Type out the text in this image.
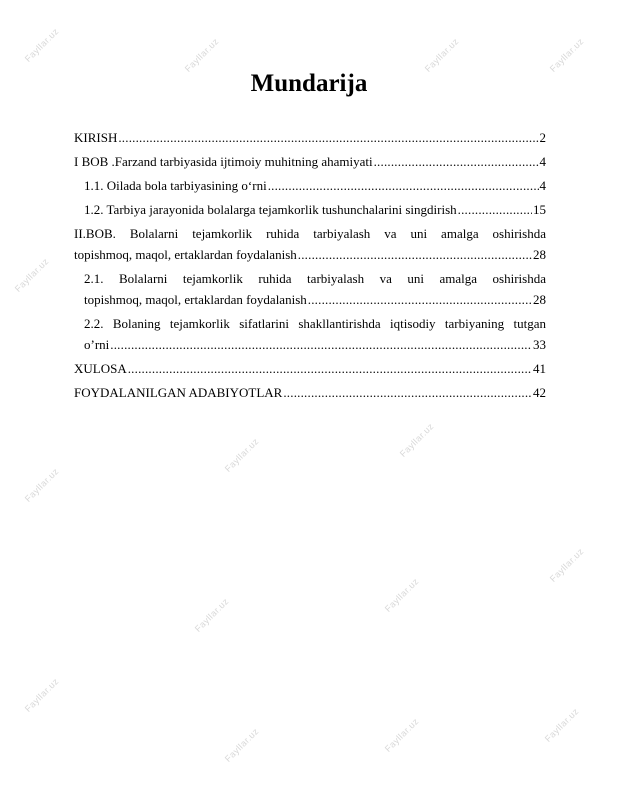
Fayllar.uz	Fayllar.uz	Fayllar.uz	Fayllar.uz
Fayllar.uz
Fayllar.uz
Fayllar.uz
Fayllar.uz
Fayllar.uz
Fayllar.uz
Fayllar.uz
Fayllar.uz
Fayllar.uz
Fayllar.uz
Fayllar.uz
Mundarija
KIRISH .....	2
I BOB .Farzand tarbiyasida ijtimoiy muhitning ahamiyati .....	4
1.1. Oilada bola tarbiyasining o‘rni .....	4
1.2. Tarbiya jarayonida bolalarga tejamkorlik tushunchalarini singdirish .....	15
II.BOB. Bolalarni tejamkorlik ruhida tarbiyalash va uni amalga oshirishda
topishmoq, maqol, ertaklardan foydalanish .....	28
2.1. Bolalarni tejamkorlik ruhida tarbiyalash va uni amalga oshirishda
topishmoq, maqol, ertaklardan foydalanish .....	28
2.2. Bolaning tejamkorlik sifatlarini shakllantirishda iqtisodiy tarbiyaning tutgan
o’rni .....	33
XULOSA .....	41
FOYDALANILGAN ADABIYOTLAR .....	42
